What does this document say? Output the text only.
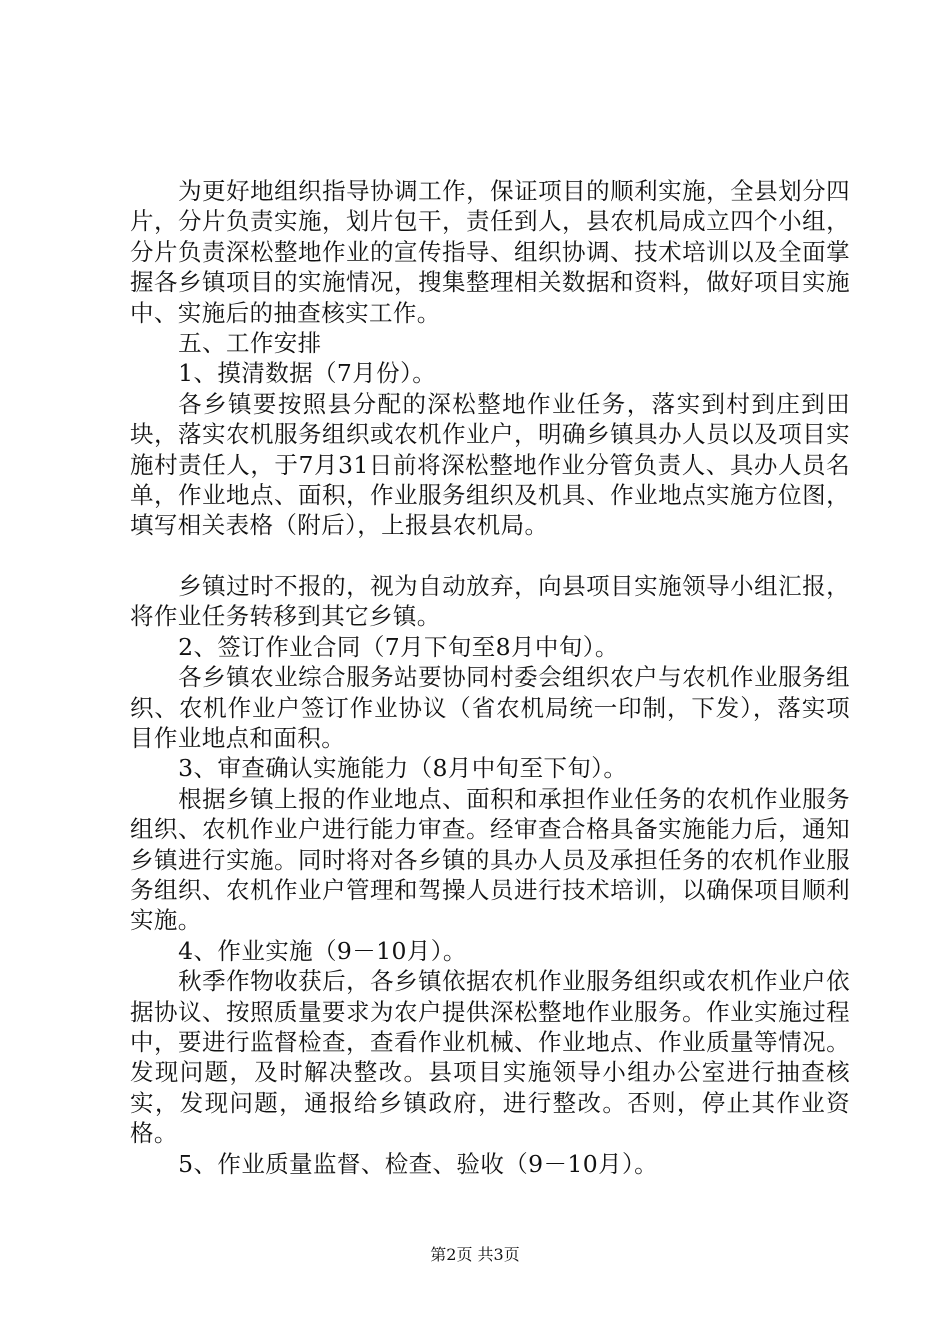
为更好地组织指导协调工作，保证项目的顺利实施，全县划分四片，分片负责实施，划片包干，责任到人，县农机局成立四个小组，分片负责深松整地作业的宣传指导、组织协调、技术培训以及全面掌握各乡镇项目的实施情况，搜集整理相关数据和资料，做好项目实施中、实施后的抽查核实工作。

五、工作安排

1、摸清数据（7月份）。

各乡镇要按照县分配的深松整地作业任务，落实到村到庄到田块，落实农机服务组织或农机作业户，明确乡镇具办人员以及项目实施村责任人，于7月31日前将深松整地作业分管负责人、具办人员名单，作业地点、面积，作业服务组织及机具、作业地点实施方位图，填写相关表格（附后），上报县农机局。

乡镇过时不报的，视为自动放弃，向县项目实施领导小组汇报，将作业任务转移到其它乡镇。

2、签订作业合同（7月下旬至8月中旬）。

各乡镇农业综合服务站要协同村委会组织农户与农机作业服务组织、农机作业户签订作业协议（省农机局统一印制，下发），落实项目作业地点和面积。

3、审查确认实施能力（8月中旬至下旬）。

根据乡镇上报的作业地点、面积和承担作业任务的农机作业服务组织、农机作业户进行能力审查。经审查合格具备实施能力后，通知乡镇进行实施。同时将对各乡镇的具办人员及承担任务的农机作业服务组织、农机作业户管理和驾操人员进行技术培训，以确保项目顺利实施。

4、作业实施（9－10月）。

秋季作物收获后，各乡镇依据农机作业服务组织或农机作业户依据协议、按照质量要求为农户提供深松整地作业服务。作业实施过程中，要进行监督检查，查看作业机械、作业地点、作业质量等情况。发现问题，及时解决整改。县项目实施领导小组办公室进行抽查核实，发现问题，通报给乡镇政府，进行整改。否则，停止其作业资格。

5、作业质量监督、检查、验收（9－10月）。

第2页 共3页
